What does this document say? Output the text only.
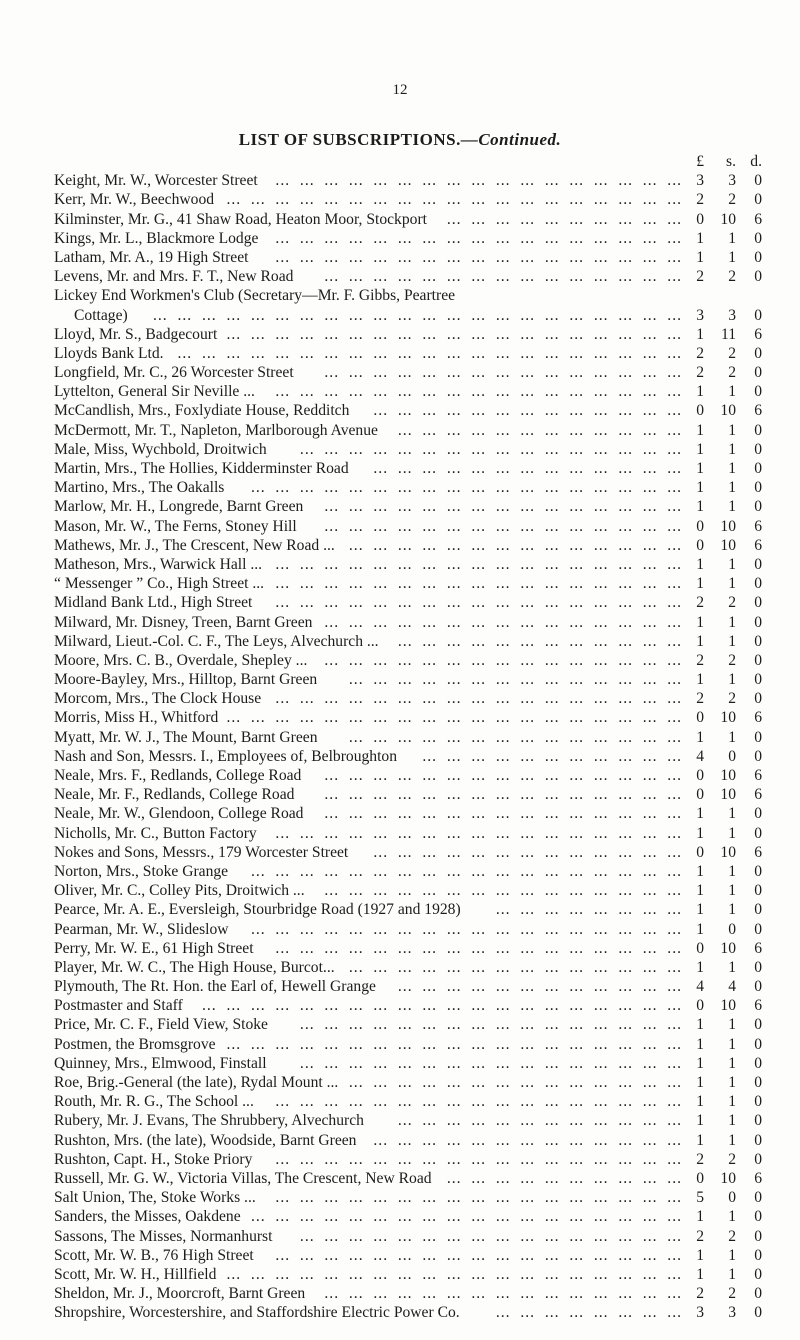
12
LIST OF SUBSCRIPTIONS.—Continued.
£	s. d.
Keight, Mr. W., Worcester Street	...  ...  ...  ...  ...  ...  ...  ...  ...  ...  ...  ...  ...  ...  ...  ...  ... 3	3	0
Kerr, Mr. W., Beechwood ...  ...  ...  ...  ...  ...  ...  ...  ...  ...  ...  ...  ...  ...  ...  ...  ...  ...  ... 2	2	0
Kilminster, Mr. G., 41 Shaw Road, Heaton Moor, Stockport	...  ...  ...  ...  ...  ...  ...  ...  ...  ... 0	10	6
Kings, Mr. L., Blackmore Lodge	...  ...  ...  ...  ...  ...  ...  ...  ...  ...  ...  ...  ...  ...  ...  ...  ... 1	1	0
Latham, Mr. A., 19 High Street	...  ...  ...  ...  ...  ...  ...  ...  ...  ...  ...  ...  ...  ...  ...  ...  ... 1	1	0
Levens, Mr. and Mrs. F. T., New Road	...  ...  ...  ...  ...  ...  ...  ...  ...  ...  ...  ...  ...  ...  ... 2	2	0
Lickey End Workmen's Club (Secretary—Mr. F. Gibbs, Peartree
Cottage)	...  ...  ...  ...  ...  ...  ...  ...  ...  ...  ...  ...  ...  ...  ...  ...  ...  ...  ...  ...  ...  ... 3	3	0
Lloyd, Mr. S., Badgecourt ...  ...  ...  ...  ...  ...  ...  ...  ...  ...  ...  ...  ...  ...  ...  ...  ...  ...  ... 1	11	6
Lloyds Bank Ltd. ...  ...  ...  ...  ...  ...  ...  ...  ...  ...  ...  ...  ...  ...  ...  ...  ...  ...  ...  ...  ... 2	2	0
Longfield, Mr. C., 26 Worcester Street	...  ...  ...  ...  ...  ...  ...  ...  ...  ...  ...  ...  ...  ...  ... 2	2	0
Lyttelton, General Sir Neville ...	...  ...  ...  ...  ...  ...  ...  ...  ...  ...  ...  ...  ...  ...  ...  ...  ... 1	1	0
McCandlish, Mrs., Foxlydiate House, Redditch	...  ...  ...  ...  ...  ...  ...  ...  ...  ...  ...  ...  ... 0	10	6
McDermott, Mr. T., Napleton, Marlborough Avenue	...  ...  ...  ...  ...  ...  ...  ...  ...  ...  ...  ... 1	1	0
Male, Miss, Wychbold, Droitwich	...  ...  ...  ...  ...  ...  ...  ...  ...  ...  ...  ...  ...  ...  ...  ... 1	1	0
Martin, Mrs., The Hollies, Kidderminster Road	...  ...  ...  ...  ...  ...  ...  ...  ...  ...  ...  ...  ... 1	1	0
Martino, Mrs., The Oakalls	...  ...  ...  ...  ...  ...  ...  ...  ...  ...  ...  ...  ...  ...  ...  ...  ...  ... 1	1	0
Marlow, Mr. H., Longrede, Barnt Green	...  ...  ...  ...  ...  ...  ...  ...  ...  ...  ...  ...  ...  ...  ... 1	1	0
Mason, Mr. W., The Ferns, Stoney Hill	...  ...  ...  ...  ...  ...  ...  ...  ...  ...  ...  ...  ...  ...  ... 0	10	6
Mathews, Mr. J., The Crescent, New Road ... ...  ...  ...  ...  ...  ...  ...  ...  ...  ...  ...  ...  ...  ... 0	10	6
Matheson, Mrs., Warwick Hall ... ...  ...  ...  ...  ...  ...  ...  ...  ...  ...  ...  ...  ...  ...  ...  ...  ... 1	1	0
“ Messenger ” Co., High Street ... ...  ...  ...  ...  ...  ...  ...  ...  ...  ...  ...  ...  ...  ...  ...  ...  ... 1	1	0
Midland Bank Ltd., High Street	...  ...  ...  ...  ...  ...  ...  ...  ...  ...  ...  ...  ...  ...  ...  ...  ... 2	2	0
Milward, Mr. Disney, Treen, Barnt Green ...  ...  ...  ...  ...  ...  ...  ...  ...  ...  ...  ...  ...  ...  ... 1	1	0
Milward, Lieut.-Col. C. F., The Leys, Alvechurch ...	...  ...  ...  ...  ...  ...  ...  ...  ...  ...  ...  ... 1	1	0
Moore, Mrs. C. B., Overdale, Shepley ...	...  ...  ...  ...  ...  ...  ...  ...  ...  ...  ...  ...  ...  ...  ... 2	2	0
Moore-Bayley, Mrs., Hilltop, Barnt Green	...  ...  ...  ...  ...  ...  ...  ...  ...  ...  ...  ...  ...  ... 1	1	0
Morcom, Mrs., The Clock House ...  ...  ...  ...  ...  ...  ...  ...  ...  ...  ...  ...  ...  ...  ...  ...  ... 2	2	0
Morris, Miss H., Whitford ...  ...  ...  ...  ...  ...  ...  ...  ...  ...  ...  ...  ...  ...  ...  ...  ...  ...  ... 0	10	6
Myatt, Mr. W. J., The Mount, Barnt Green	...  ...  ...  ...  ...  ...  ...  ...  ...  ...  ...  ...  ...  ... 1	1	0
Nash and Son, Messrs. I., Employees of, Belbroughton	...  ...  ...  ...  ...  ...  ...  ...  ...  ...  ... 4	0	0
Neale, Mrs. F., Redlands, College Road	...  ...  ...  ...  ...  ...  ...  ...  ...  ...  ...  ...  ...  ...  ... 0	10	6
Neale, Mr. F., Redlands, College Road	...  ...  ...  ...  ...  ...  ...  ...  ...  ...  ...  ...  ...  ...  ... 0	10	6
Neale, Mr. W., Glendoon, College Road	...  ...  ...  ...  ...  ...  ...  ...  ...  ...  ...  ...  ...  ...  ... 1	1	0
Nicholls, Mr. C., Button Factory	...  ...  ...  ...  ...  ...  ...  ...  ...  ...  ...  ...  ...  ...  ...  ...  ... 1	1	0
Nokes and Sons, Messrs., 179 Worcester Street	...  ...  ...  ...  ...  ...  ...  ...  ...  ...  ...  ...  ... 0	10	6
Norton, Mrs., Stoke Grange	...  ...  ...  ...  ...  ...  ...  ...  ...  ...  ...  ...  ...  ...  ...  ...  ...  ... 1	1	0
Oliver, Mr. C., Colley Pits, Droitwich ...	...  ...  ...  ...  ...  ...  ...  ...  ...  ...  ...  ...  ...  ...  ... 1	1	0
Pearce, Mr. A. E., Eversleigh, Stourbridge Road (1927 and 1928)	...  ...  ...  ...  ...  ...  ...  ... 1	1	0
Pearman, Mr. W., Slideslow	...  ...  ...  ...  ...  ...  ...  ...  ...  ...  ...  ...  ...  ...  ...  ...  ...  ... 1	0	0
Perry, Mr. W. E., 61 High Street	...  ...  ...  ...  ...  ...  ...  ...  ...  ...  ...  ...  ...  ...  ...  ...  ... 0	10	6
Player, Mr. W. C., The High House, Burcot... ...  ...  ...  ...  ...  ...  ...  ...  ...  ...  ...  ...  ...  ... 1	1	0
Plymouth, The Rt. Hon. the Earl of, Hewell Grange	...  ...  ...  ...  ...  ...  ...  ...  ...  ...  ...  ... 4	4	0
Postmaster and Staff	...  ...  ...  ...  ...  ...  ...  ...  ...  ...  ...  ...  ...  ...  ...  ...  ...  ...  ...  ... 0	10	6
Price, Mr. C. F., Field View, Stoke	...  ...  ...  ...  ...  ...  ...  ...  ...  ...  ...  ...  ...  ...  ...  ... 1	1	0
Postmen, the Bromsgrove ...  ...  ...  ...  ...  ...  ...  ...  ...  ...  ...  ...  ...  ...  ...  ...  ...  ...  ... 1	1	0
Quinney, Mrs., Elmwood, Finstall	...  ...  ...  ...  ...  ...  ...  ...  ...  ...  ...  ...  ...  ...  ...  ... 1	1	0
Roe, Brig.-General (the late), Rydal Mount ... ...  ...  ...  ...  ...  ...  ...  ...  ...  ...  ...  ...  ...  ... 1	1	0
Routh, Mr. R. G., The School ...	...  ...  ...  ...  ...  ...  ...  ...  ...  ...  ...  ...  ...  ...  ...  ...  ... 1	1	0
Rubery, Mr. J. Evans, The Shrubbery, Alvechurch	...  ...  ...  ...  ...  ...  ...  ...  ...  ...  ...  ... 1	1	0
Rushton, Mrs. (the late), Woodside, Barnt Green	...  ...  ...  ...  ...  ...  ...  ...  ...  ...  ...  ...  ... 1	1	0
Rushton, Capt. H., Stoke Priory	...  ...  ...  ...  ...  ...  ...  ...  ...  ...  ...  ...  ...  ...  ...  ...  ... 2	2	0
Russell, Mr. G. W., Victoria Villas, The Crescent, New Road ...  ...  ...  ...  ...  ...  ...  ...  ...  ... 0	10	6
Salt Union, The, Stoke Works ...	...  ...  ...  ...  ...  ...  ...  ...  ...  ...  ...  ...  ...  ...  ...  ...  ... 5	0	0
Sanders, the Misses, Oakdene ...  ...  ...  ...  ...  ...  ...  ...  ...  ...  ...  ...  ...  ...  ...  ...  ...  ... 1	1	0
Sassons, The Misses, Normanhurst	...  ...  ...  ...  ...  ...  ...  ...  ...  ...  ...  ...  ...  ...  ...  ... 2	2	0
Scott, Mr. W. B., 76 High Street	...  ...  ...  ...  ...  ...  ...  ...  ...  ...  ...  ...  ...  ...  ...  ...  ... 1	1	0
Scott, Mr. W. H., Hillfield ...  ...  ...  ...  ...  ...  ...  ...  ...  ...  ...  ...  ...  ...  ...  ...  ...  ...  ... 1	1	0
Sheldon, Mr. J., Moorcroft, Barnt Green	...  ...  ...  ...  ...  ...  ...  ...  ...  ...  ...  ...  ...  ...  ... 2	2	0
Shropshire, Worcestershire, and Staffordshire Electric Power Co.	...  ...  ...  ...  ...  ...  ...  ... 3	3	0
